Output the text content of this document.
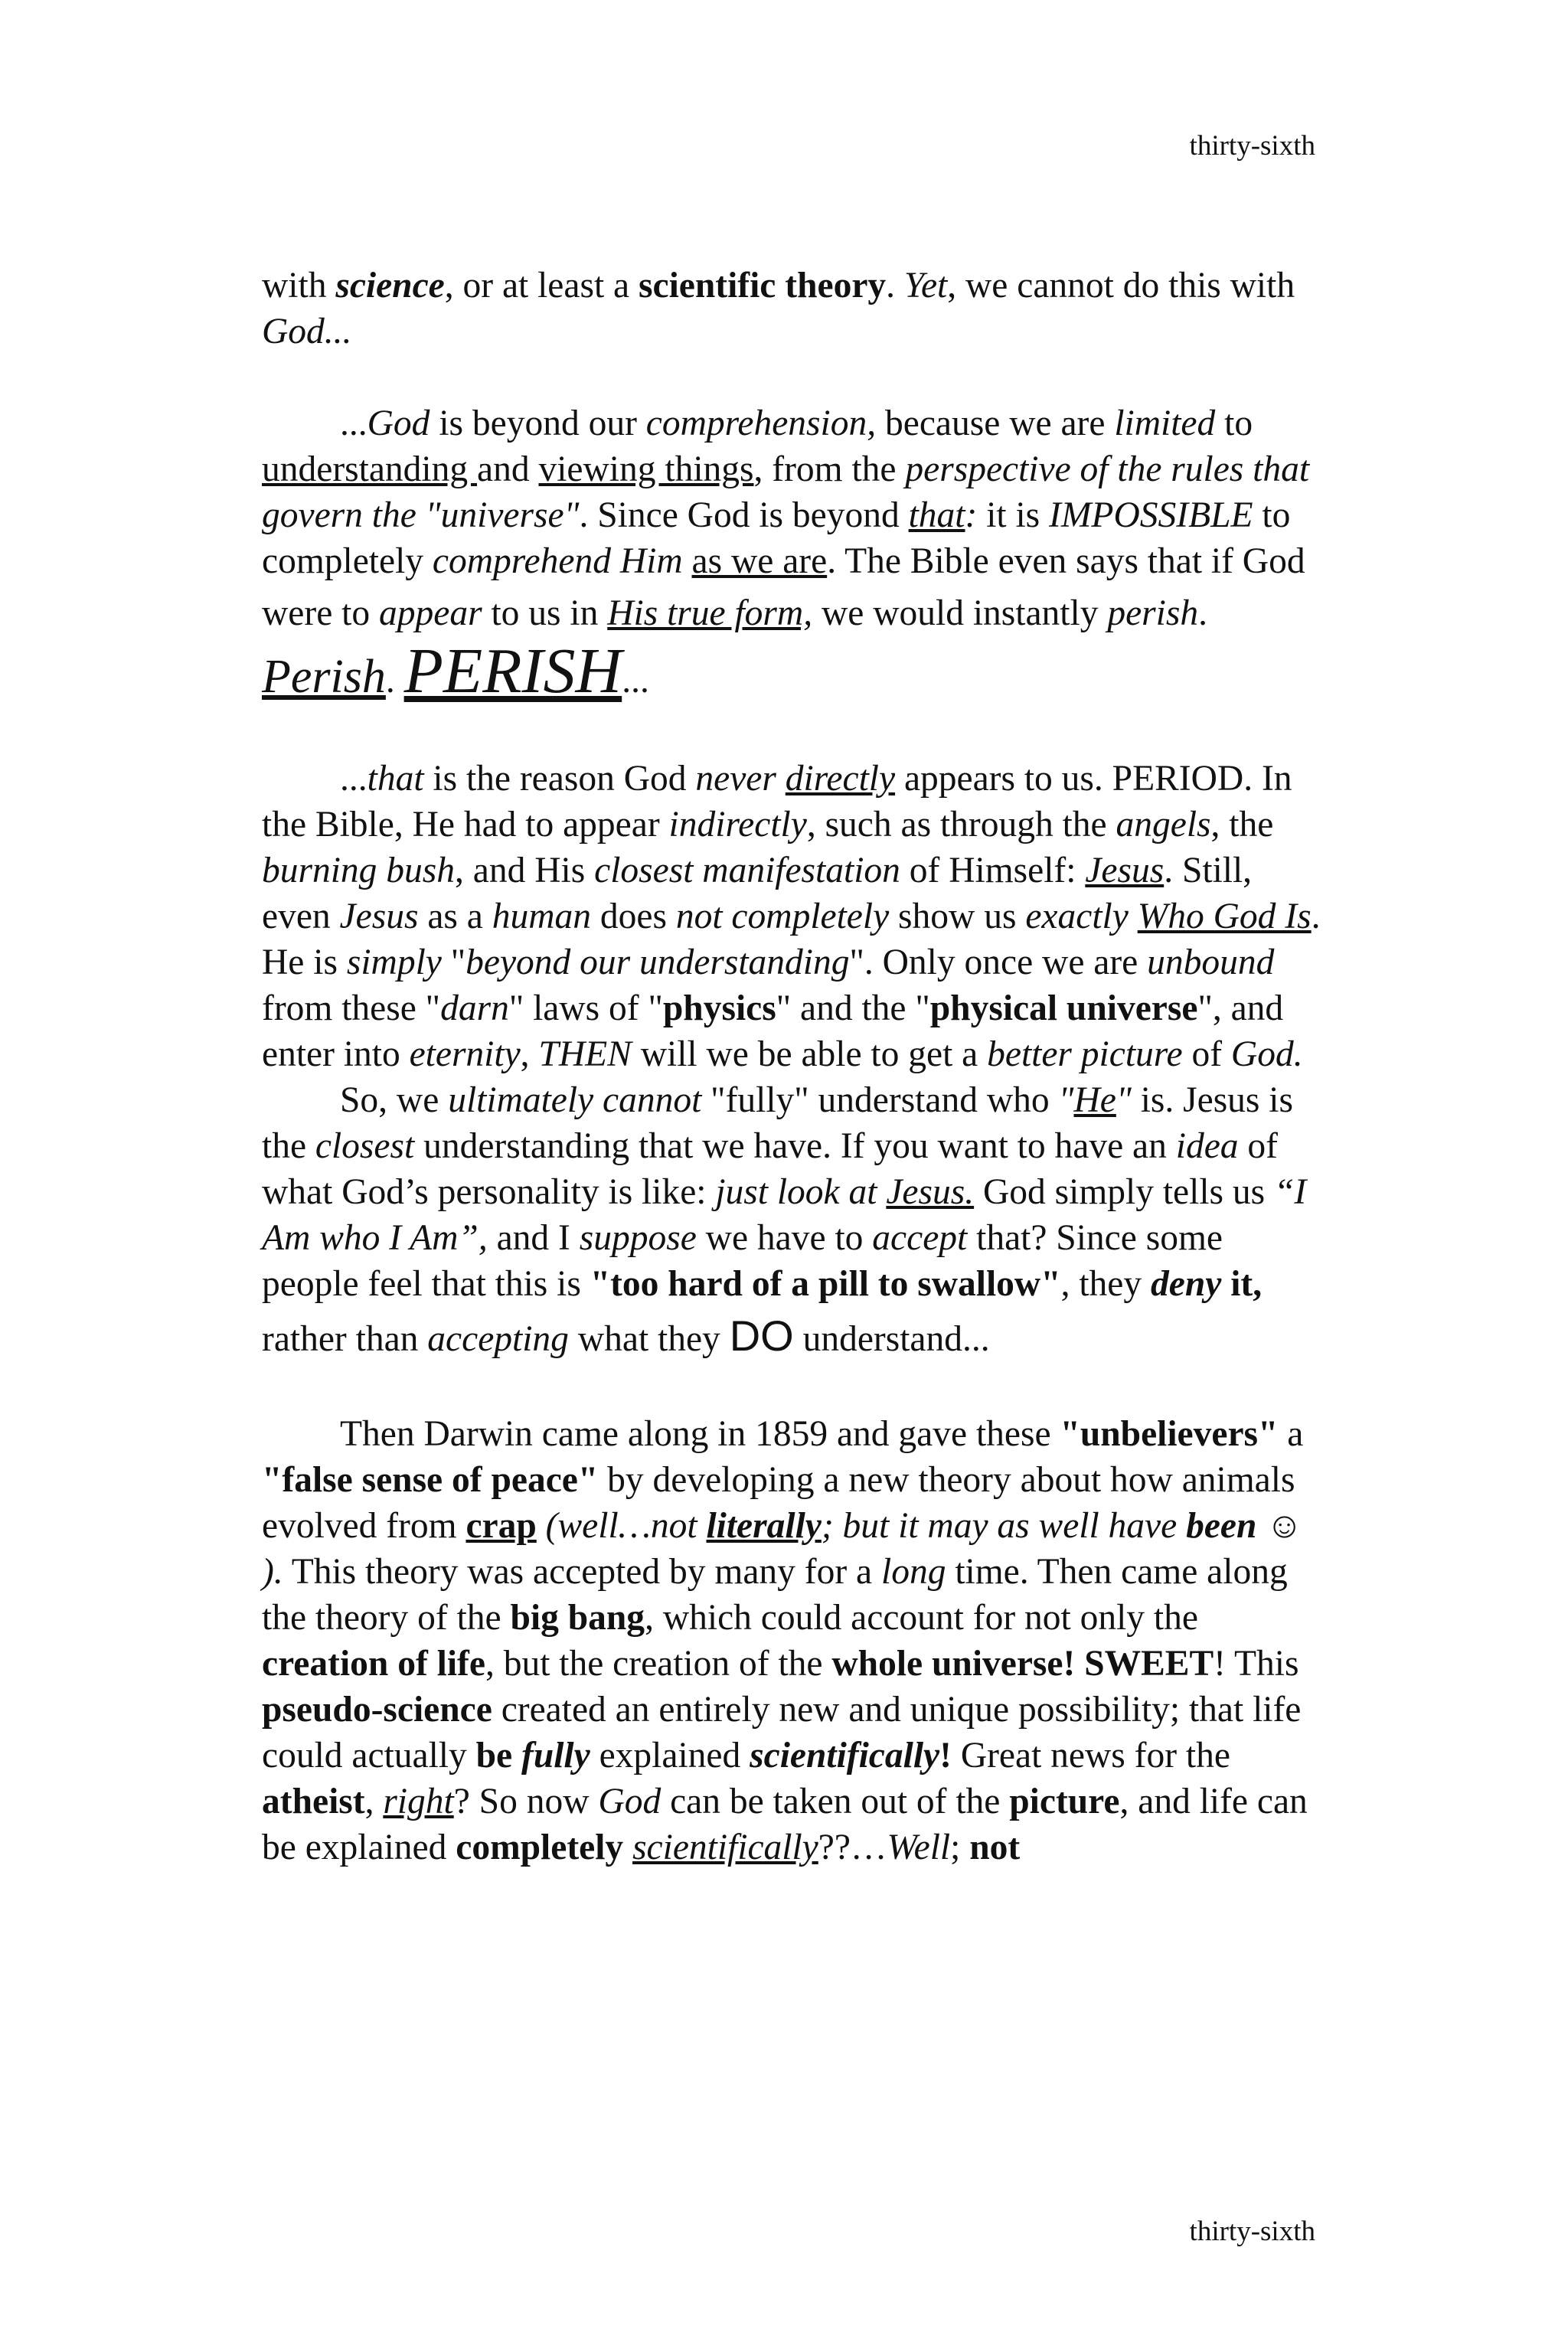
thirty-sixth

with science, or at least a scientific theory. Yet, we cannot do this with God...

...God is beyond our comprehension, because we are limited to understanding and viewing things, from the perspective of the rules that govern the "universe". Since God is beyond that: it is IMPOSSIBLE to completely comprehend Him as we are. The Bible even says that if God were to appear to us in His true form, we would instantly perish. Perish. PERISH...

...that is the reason God never directly appears to us. PERIOD. In the Bible, He had to appear indirectly, such as through the angels, the burning bush, and His closest manifestation of Himself: Jesus. Still, even Jesus as a human does not completely show us exactly Who God Is. He is simply "beyond our understanding". Only once we are unbound from these "darn" laws of "physics" and the "physical universe", and enter into eternity, THEN will we be able to get a better picture of God.

So, we ultimately cannot "fully" understand who "He" is. Jesus is the closest understanding that we have. If you want to have an idea of what God’s personality is like: just look at Jesus. God simply tells us “I Am who I Am”, and I suppose we have to accept that? Since some people feel that this is "too hard of a pill to swallow", they deny it, rather than accepting what they DO understand...

Then Darwin came along in 1859 and gave these "unbelievers" a "false sense of peace" by developing a new theory about how animals evolved from crap (well…not literally; but it may as well have been ☺ ). This theory was accepted by many for a long time. Then came along the theory of the big bang, which could account for not only the creation of life, but the creation of the whole universe! SWEET! This pseudo-science created an entirely new and unique possibility; that life could actually be fully explained scientifically! Great news for the atheist, right? So now God can be taken out of the picture, and life can be explained completely scientifically??…Well; not

thirty-sixth
